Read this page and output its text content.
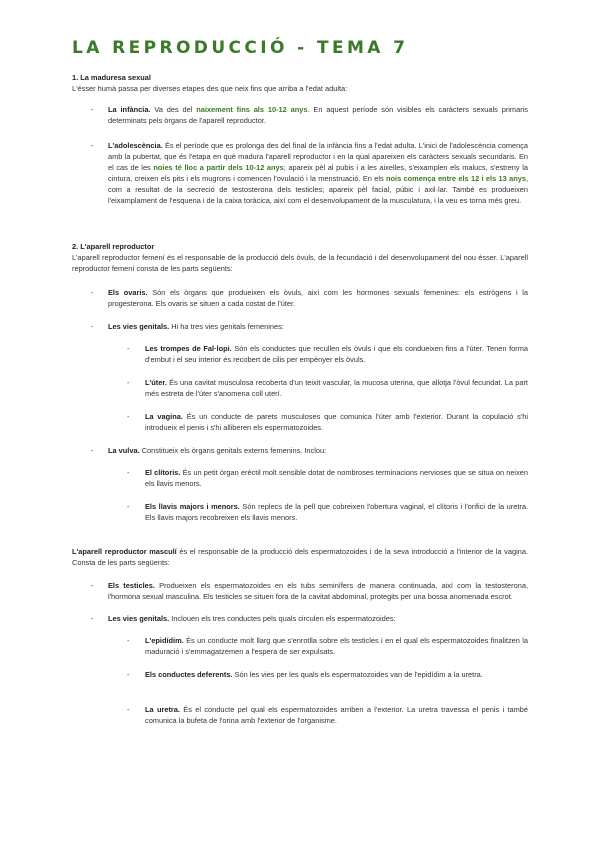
LA REPRODUCCIÓ - TEMA 7

1. La maduresa sexual

L'ésser humà passa per diverses etapes des que neix fins que arriba a l'edat adulta:

- La infància. Va des del naixement fins als 10-12 anys. En aquest període són visibles els caràcters sexuals primaris determinats pels òrgans de l'aparell reproductor.

- L'adolescència. És el període que es prolonga des del final de la infància fins a l'edat adulta. L'inici de l'adolescència comença amb la pubertat, que és l'etapa en què madura l'aparell reproductor i en la qual apareixen els caràcters sexuals secundaris. En el cas de les noies té lloc a partir dels 10-12 anys; apareix pèl al pubis i a les aixelles, s'eixamplen els malucs, s'estreny la cintura, creixen els pits i els mugrons i comencen l'ovulació i la menstruació. En els nois comença entre els 12 i els 13 anys, com a resultat de la secreció de testosterona dels testicles; apareix pèl facial, púbic i axil·lar. També es produeixen l'eixamplament de l'esquena i de la caixa toràcica, així com el desenvolupament de la musculatura, i la veu es torna més greu.

2. L'aparell reproductor

L'aparell reproductor femení és el responsable de la producció dels òvuls, de la fecundació i del desenvolupament del nou ésser. L'aparell reproductor femení consta de les parts següents:

- Els ovaris. Són els òrgans que produeixen els òvuls, així com les hormones sexuals femenines: els estrògens i la progesterona. Els ovaris se situen a cada costat de l'úter.

- Les vies genitals. Hi ha tres vies genitals femenines:

- Les trompes de Fal·lopi. Són els conductes que recullen els òvuls i que els condueixen fins a l'úter. Tenen forma d'embut i el seu interior és recobert de cilis per empènyer els òvuls.

- L'úter. És una cavitat musculosa recoberta d'un teixit vascular, la mucosa uterina, que allotja l'òvul fecundat. La part més estreta de l'úter s'anomena coll uterí.

- La vagina. És un conducte de parets musculoses que comunica l'úter amb l'exterior. Durant la copulació s'hi introdueix el penis i s'hi alliberen els espermatozoides.

- La vulva. Constitueix els òrgans genitals externs femenins. Inclou:

- El clítoris. És un petit òrgan erèctil molt sensible dotat de nombroses terminacions nervioses que se situa on neixen els llavis menors.

- Els llavis majors i menors. Són replecs de la pell que cobreixen l'obertura vaginal, el clítoris i l'orifici de la uretra. Els llavis majors recobreixen els llavis menors.

L'aparell reproductor masculí és el responsable de la producció dels espermatozoides i de la seva introducció a l'interior de la vagina. Consta de les parts següents:

- Els testicles. Produeixen els espermatozoides en els tubs seminífers de manera continuada, així com la testosterona, l'hormona sexual masculina. Els testicles se situen fora de la cavitat abdominal, protegits per una bossa anomenada escrot.

- Les vies genitals. Inclouen els tres conductes pels quals circulen els espermatozoides:

- L'epidídim. És un conducte molt llarg que s'enrotlla sobre els testicles i en el qual els espermatozoides finalitzen la maduració i s'emmagatzemen a l'espera de ser expulsats.

- Els conductes deferents. Són les vies per les quals els espermatozoides van de l'epidídim a la uretra.

- La uretra. És el conducte pel qual els espermatozoides arriben a l'exterior. La uretra travessa el penis i també comunica la bufeta de l'orina amb l'exterior de l'organisme.
